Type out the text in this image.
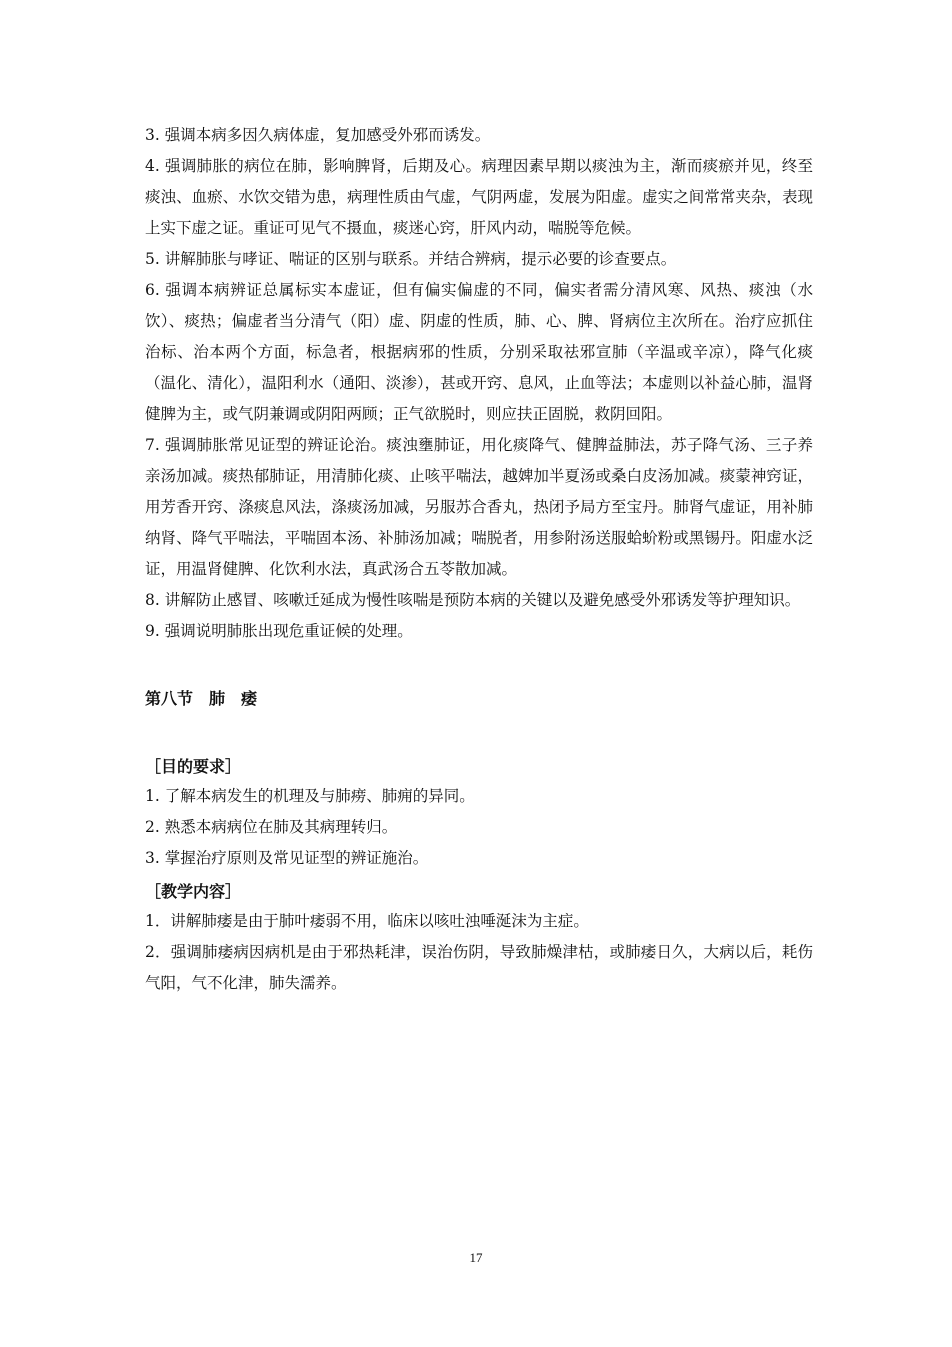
3. 强调本病多因久病体虚，复加感受外邪而诱发。

4. 强调肺胀的病位在肺，影响脾肾，后期及心。病理因素早期以痰浊为主，渐而痰瘀并见，终至痰浊、血瘀、水饮交错为患，病理性质由气虚，气阴两虚，发展为阳虚。虚实之间常常夹杂，表现上实下虚之证。重证可见气不摄血，痰迷心窍，肝风内动，喘脱等危候。

5. 讲解肺胀与哮证、喘证的区别与联系。并结合辨病，提示必要的诊查要点。

6. 强调本病辨证总属标实本虚证，但有偏实偏虚的不同，偏实者需分清风寒、风热、痰浊（水饮）、痰热；偏虚者当分清气（阳）虚、阴虚的性质，肺、心、脾、肾病位主次所在。治疗应抓住治标、治本两个方面，标急者，根据病邪的性质，分别采取祛邪宣肺（辛温或辛凉），降气化痰（温化、清化），温阳利水（通阳、淡渗），甚或开窍、息风，止血等法；本虚则以补益心肺，温肾健脾为主，或气阴兼调或阴阳两顾；正气欲脱时，则应扶正固脱，救阴回阳。

7. 强调肺胀常见证型的辨证论治。痰浊壅肺证，用化痰降气、健脾益肺法，苏子降气汤、三子养亲汤加减。痰热郁肺证，用清肺化痰、止咳平喘法，越婢加半夏汤或桑白皮汤加减。痰蒙神窍证，用芳香开窍、涤痰息风法，涤痰汤加减，另服苏合香丸，热闭予局方至宝丹。肺肾气虚证，用补肺纳肾、降气平喘法，平喘固本汤、补肺汤加减；喘脱者，用参附汤送服蛤蚧粉或黑锡丹。阳虚水泛证，用温肾健脾、化饮利水法，真武汤合五苓散加减。

8. 讲解防止感冒、咳嗽迁延成为慢性咳喘是预防本病的关键以及避免感受外邪诱发等护理知识。

9. 强调说明肺胀出现危重证候的处理。

第八节　肺　痿

［目的要求］

1. 了解本病发生的机理及与肺痨、肺痈的异同。

2. 熟悉本病病位在肺及其病理转归。

3. 掌握治疗原则及常见证型的辨证施治。

［教学内容］

1．讲解肺痿是由于肺叶痿弱不用，临床以咳吐浊唾涎沫为主症。

2．强调肺痿病因病机是由于邪热耗津，误治伤阴，导致肺燥津枯，或肺痿日久，大病以后，耗伤气阳，气不化津，肺失濡养。

17
